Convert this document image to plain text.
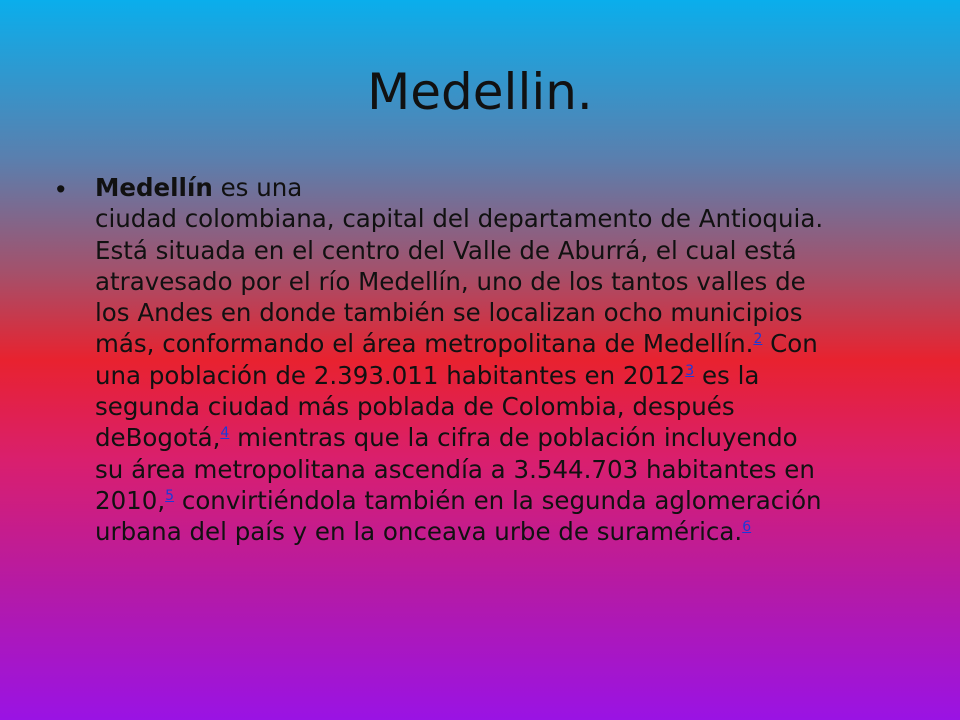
Medellin.
• Medellín es una
ciudad colombiana, capital del departamento de Antioquia.
Está situada en el centro del Valle de Aburrá, el cual está
atravesado por el río Medellín, uno de los tantos valles de
los Andes en donde también se localizan ocho municipios
más, conformando el área metropolitana de Medellín.$^2$ Con
una población de 2.393.011 habitantes en 2012$^3$ es la
segunda ciudad más poblada de Colombia, después
deBogotá,$^4$ mientras que la cifra de población incluyendo
su área metropolitana ascendía a 3.544.703 habitantes en
2010,$^5$ convirtiéndola también en la segunda aglomeración
urbana del país y en la onceava urbe de suramérica.$^6$
